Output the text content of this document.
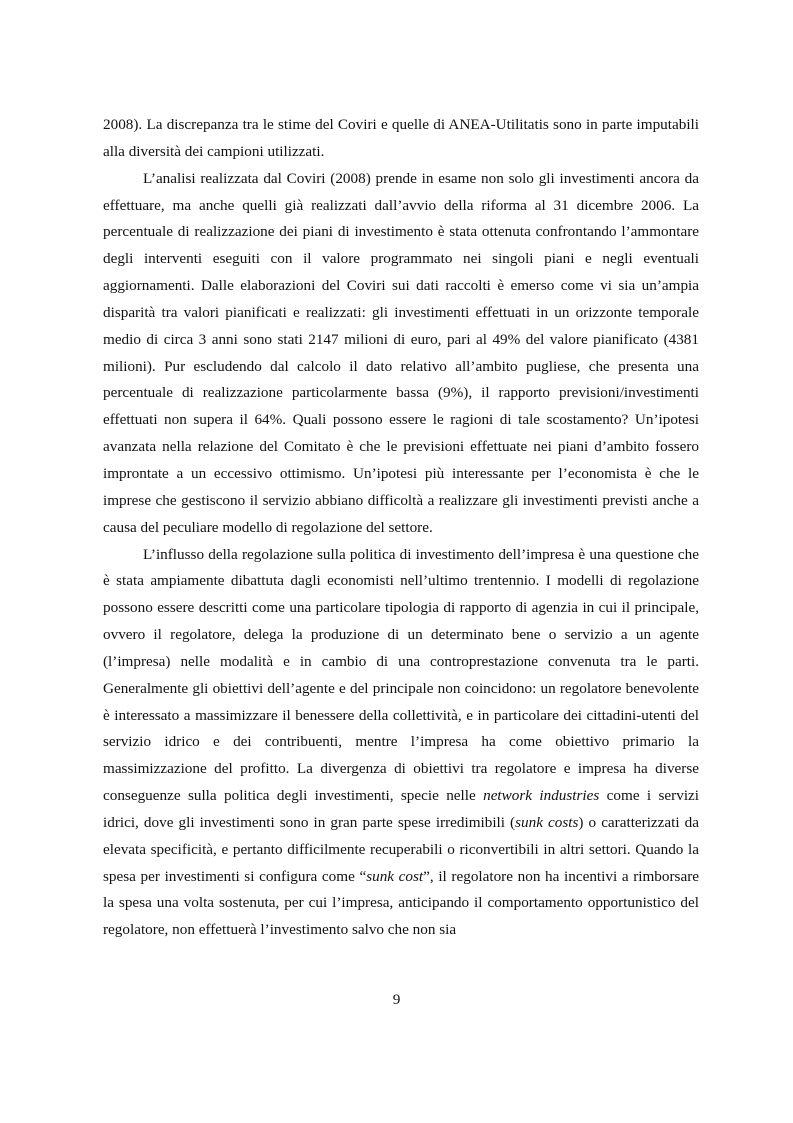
2008). La discrepanza tra le stime del Coviri e quelle di ANEA-Utilitatis sono in parte imputabili alla diversità dei campioni utilizzati.

L’analisi realizzata dal Coviri (2008) prende in esame non solo gli investimenti ancora da effettuare, ma anche quelli già realizzati dall’avvio della riforma al 31 dicembre 2006. La percentuale di realizzazione dei piani di investimento è stata ottenuta confrontando l’ammontare degli interventi eseguiti con il valore programmato nei singoli piani e negli eventuali aggiornamenti. Dalle elaborazioni del Coviri sui dati raccolti è emerso come vi sia un’ampia disparità tra valori pianificati e realizzati: gli investimenti effettuati in un orizzonte temporale medio di circa 3 anni sono stati 2147 milioni di euro, pari al 49% del valore pianificato (4381 milioni). Pur escludendo dal calcolo il dato relativo all’ambito pugliese, che presenta una percentuale di realizzazione particolarmente bassa (9%), il rapporto previsioni/investimenti effettuati non supera il 64%. Quali possono essere le ragioni di tale scostamento? Un’ipotesi avanzata nella relazione del Comitato è che le previsioni effettuate nei piani d’ambito fossero improntate a un eccessivo ottimismo. Un’ipotesi più interessante per l’economista è che le imprese che gestiscono il servizio abbiano difficoltà a realizzare gli investimenti previsti anche a causa del peculiare modello di regolazione del settore.

L’influsso della regolazione sulla politica di investimento dell’impresa è una questione che è stata ampiamente dibattuta dagli economisti nell’ultimo trentennio. I modelli di regolazione possono essere descritti come una particolare tipologia di rapporto di agenzia in cui il principale, ovvero il regolatore, delega la produzione di un determinato bene o servizio a un agente (l’impresa) nelle modalità e in cambio di una controprestazione convenuta tra le parti. Generalmente gli obiettivi dell’agente e del principale non coincidono: un regolatore benevolente è interessato a massimizzare il benessere della collettività, e in particolare dei cittadini-utenti del servizio idrico e dei contribuenti, mentre l’impresa ha come obiettivo primario la massimizzazione del profitto. La divergenza di obiettivi tra regolatore e impresa ha diverse conseguenze sulla politica degli investimenti, specie nelle network industries come i servizi idrici, dove gli investimenti sono in gran parte spese irredimibili (sunk costs) o caratterizzati da elevata specificità, e pertanto difficilmente recuperabili o riconvertibili in altri settori. Quando la spesa per investimenti si configura come “sunk cost”, il regolatore non ha incentivi a rimborsare la spesa una volta sostenuta, per cui l’impresa, anticipando il comportamento opportunistico del regolatore, non effettuerà l’investimento salvo che non sia

9
